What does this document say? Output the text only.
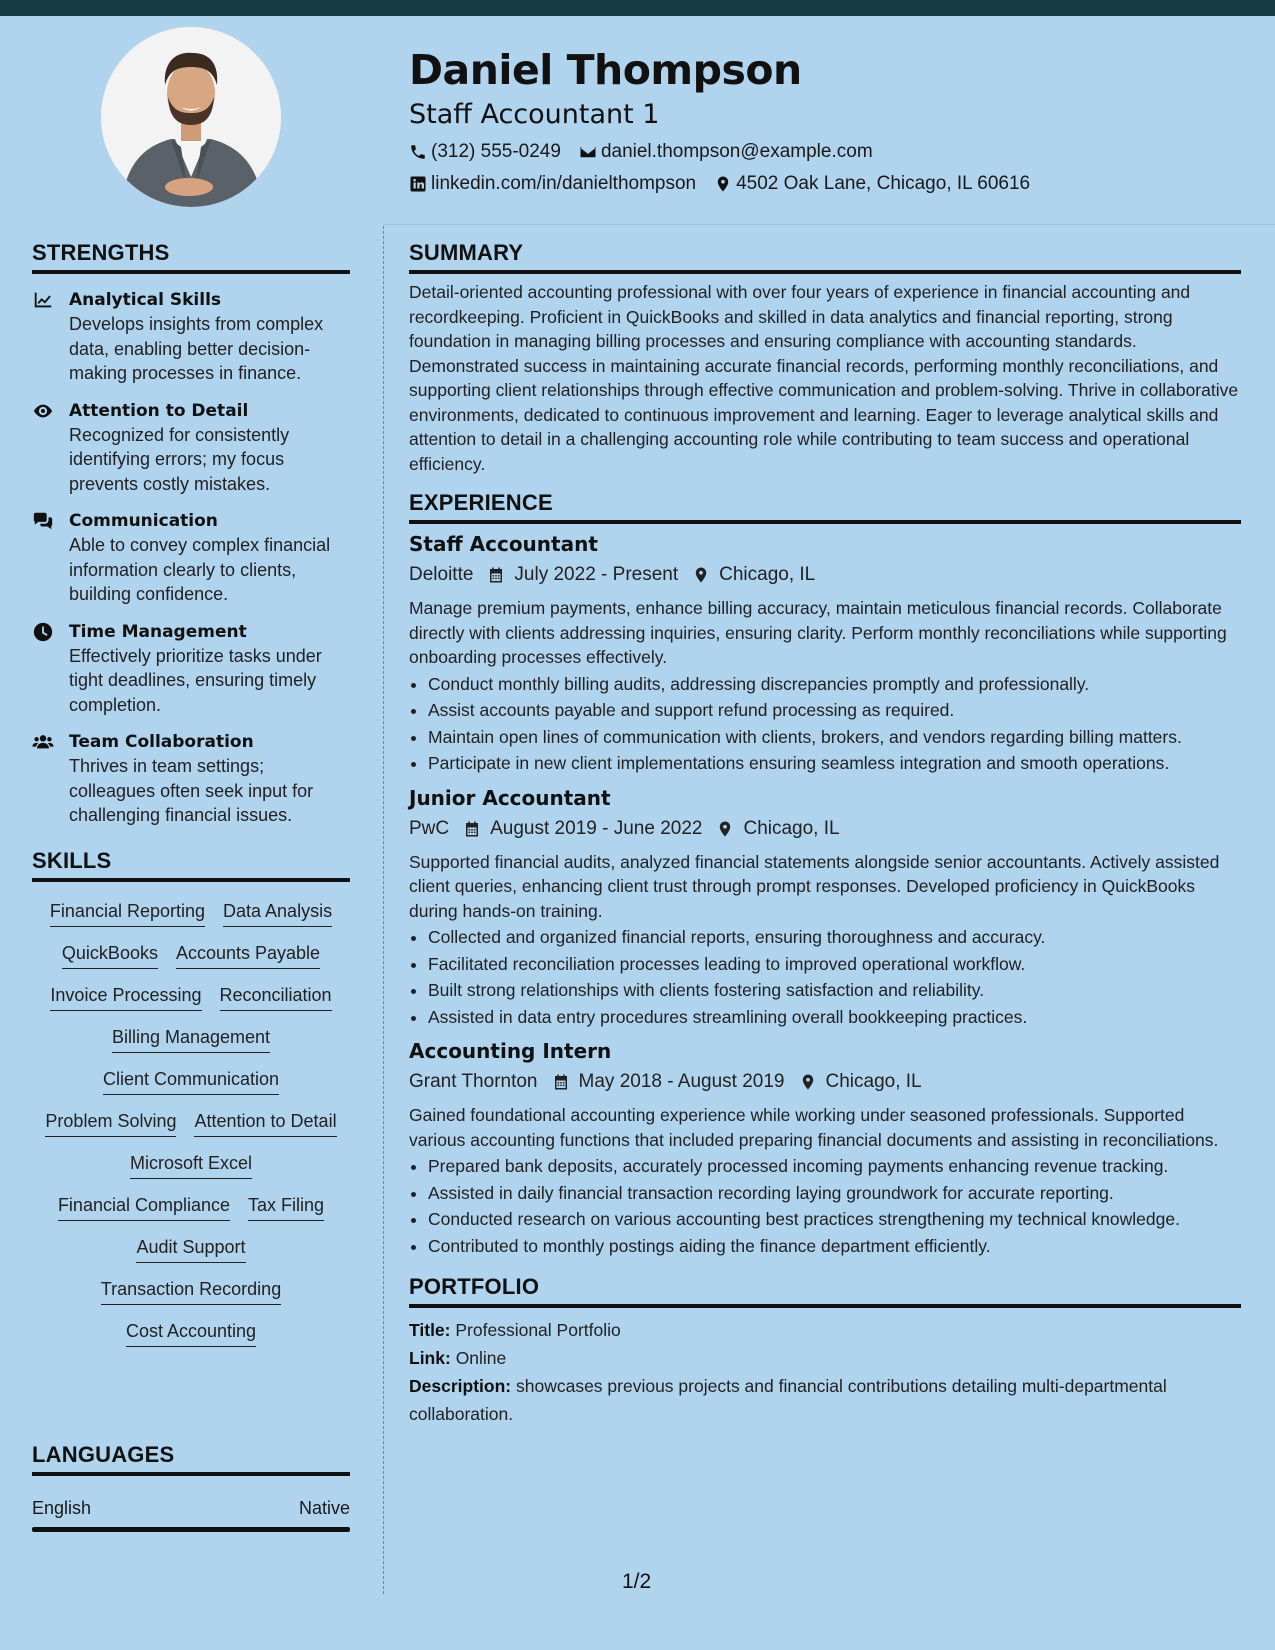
Daniel Thompson
Staff Accountant 1
(312) 555-0249 daniel.thompson@example.com
linkedin.com/in/danielthompson 4502 Oak Lane, Chicago, IL 60616
STRENGTHS
Analytical Skills
Develops insights from complex data, enabling better decision-making processes in finance.
Attention to Detail
Recognized for consistently identifying errors; my focus prevents costly mistakes.
Communication
Able to convey complex financial information clearly to clients, building confidence.
Time Management
Effectively prioritize tasks under tight deadlines, ensuring timely completion.
Team Collaboration
Thrives in team settings; colleagues often seek input for challenging financial issues.
SKILLS
Financial Reporting Data Analysis
QuickBooks Accounts Payable
Invoice Processing Reconciliation
Billing Management
Client Communication
Problem Solving Attention to Detail
Microsoft Excel
Financial Compliance Tax Filing
Audit Support
Transaction Recording
Cost Accounting
LANGUAGES
English	Native
SUMMARY

Detail-oriented accounting professional with over four years of experience in financial accounting and recordkeeping. Proficient in QuickBooks and skilled in data analytics and financial reporting, strong foundation in managing billing processes and ensuring compliance with accounting standards. Demonstrated success in maintaining accurate financial records, performing monthly reconciliations, and supporting client relationships through effective communication and problem-solving. Thrive in collaborative environments, dedicated to continuous improvement and learning. Eager to leverage analytical skills and attention to detail in a challenging accounting role while contributing to team success and operational efficiency.

EXPERIENCE
Staff Accountant
Deloitte July 2022 - Present Chicago, IL

Manage premium payments, enhance billing accuracy, maintain meticulous financial records. Collaborate directly with clients addressing inquiries, ensuring clarity. Perform monthly reconciliations while supporting onboarding processes effectively.

• Conduct monthly billing audits, addressing discrepancies promptly and professionally.
• Assist accounts payable and support refund processing as required.
• Maintain open lines of communication with clients, brokers, and vendors regarding billing matters.
• Participate in new client implementations ensuring seamless integration and smooth operations.
Junior Accountant
PwC August 2019 - June 2022 Chicago, IL

Supported financial audits, analyzed financial statements alongside senior accountants. Actively assisted client queries, enhancing client trust through prompt responses. Developed proficiency in QuickBooks during hands-on training.

• Collected and organized financial reports, ensuring thoroughness and accuracy.
• Facilitated reconciliation processes leading to improved operational workflow.
• Built strong relationships with clients fostering satisfaction and reliability.
• Assisted in data entry procedures streamlining overall bookkeeping practices.
Accounting Intern
Grant Thornton May 2018 - August 2019 Chicago, IL

Gained foundational accounting experience while working under seasoned professionals. Supported various accounting functions that included preparing financial documents and assisting in reconciliations.

• Prepared bank deposits, accurately processed incoming payments enhancing revenue tracking.
• Assisted in daily financial transaction recording laying groundwork for accurate reporting.
• Conducted research on various accounting best practices strengthening my technical knowledge.
• Contributed to monthly postings aiding the finance department efficiently.
PORTFOLIO
Title: Professional Portfolio
Link: Online
Description: showcases previous projects and financial contributions detailing multi-departmental collaboration.
1/2
